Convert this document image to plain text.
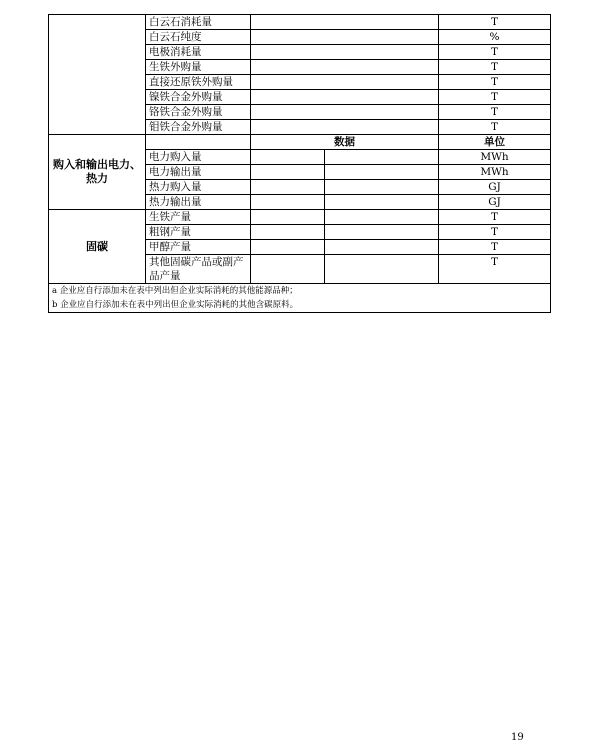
	白云石消耗量			T
	白云石纯度			%
	电极消耗量			T
	生铁外购量			T
	直接还原铁外购量			T
	镍铁合金外购量			T
	铬铁合金外购量			T
	钼铁合金外购量			T
购入和输出电力、热力		数据		单位
	电力购入量			MWh
	电力输出量			MWh
	热力购入量			GJ
	热力输出量			GJ
固碳	生铁产量			T
	粗钢产量			T
	甲醇产量			T
	其他固碳产品或副产品产量			T

a 企业应自行添加未在表中列出但企业实际消耗的其他能源品种；
b 企业应自行添加未在表中列出但企业实际消耗的其他含碳原料。				
19
